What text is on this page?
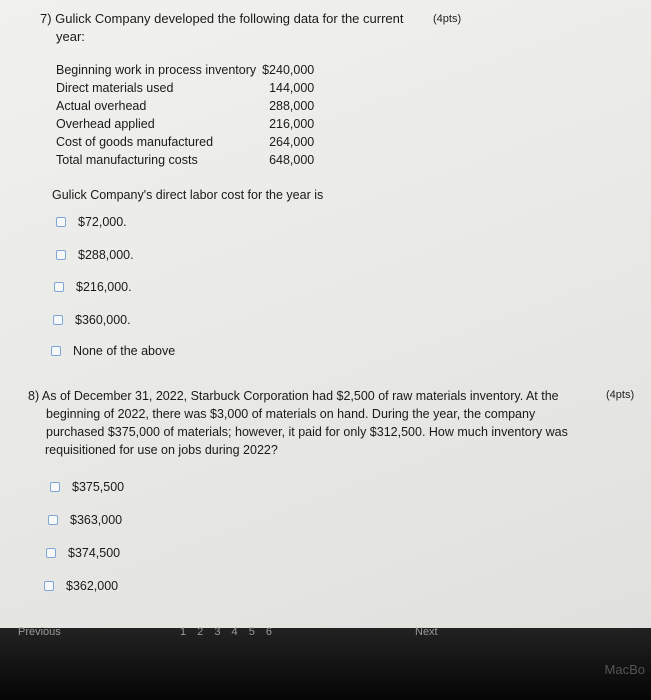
7) Gulick Company developed the following data for the current
year:
(4pts)
Beginning work in process inventory	$240,000
Direct materials used	144,000
Actual overhead	288,000
Overhead applied	216,000
Cost of goods manufactured	264,000
Total manufacturing costs	648,000
Gulick Company's direct labor cost for the year is
$72,000.
$288,000.
$216,000.
$360,000.
None of the above
8) As of December 31, 2022, Starbuck Corporation had $2,500 of raw materials inventory. At the	(4pts)
beginning of 2022, there was $3,000 of materials on hand. During the year, the company
purchased $375,000 of materials; however, it paid for only $312,500. How much inventory was
requisitioned for use on jobs during 2022?
$375,500
$363,000
$374,500
$362,000
Previous	1 2 3 4 5 6	Next
MacBo
